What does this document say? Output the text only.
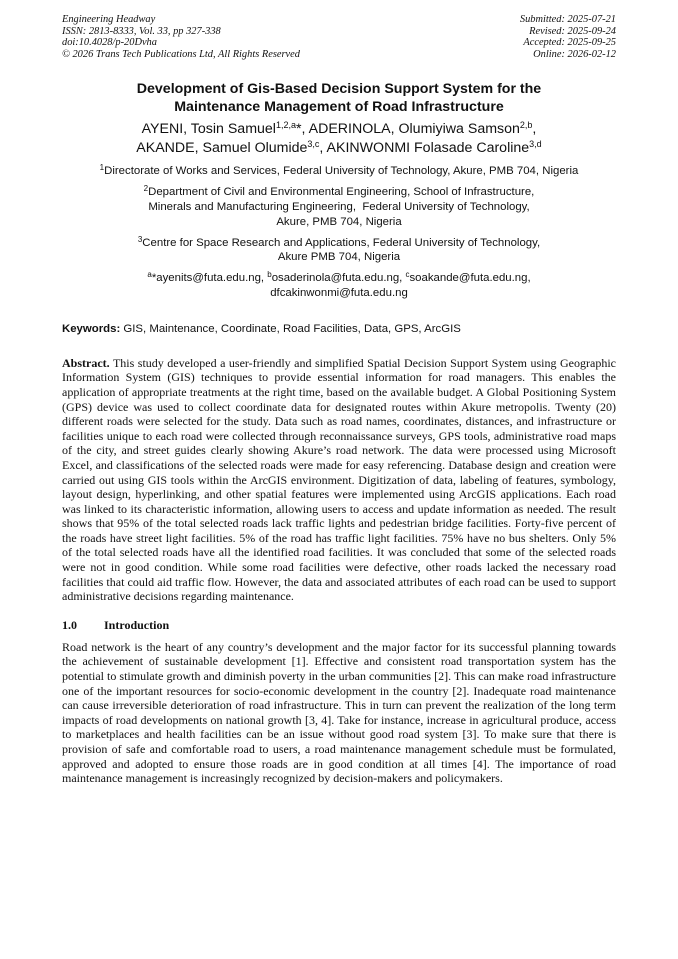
Engineering Headway
ISSN: 2813-8333, Vol. 33, pp 327-338
doi:10.4028/p-20Dvha
© 2026 Trans Tech Publications Ltd, All Rights Reserved
Submitted: 2025-07-21
Revised: 2025-09-24
Accepted: 2025-09-25
Online: 2026-02-12
Development of Gis-Based Decision Support System for the
Maintenance Management of Road Infrastructure
AYENI, Tosin Samuel$^{1,2,a}$*, ADERINOLA, Olumiyiwa Samson$^{2,b}$,
AKANDE, Samuel Olumide$^{3,c}$, AKINWONMI Folasade Caroline$^{3,d}$
$^1$Directorate of Works and Services, Federal University of Technology, Akure, PMB 704, Nigeria
$^2$Department of Civil and Environmental Engineering, School of Infrastructure,
Minerals and Manufacturing Engineering,  Federal University of Technology,
Akure, PMB 704, Nigeria
$^3$Centre for Space Research and Applications, Federal University of Technology,
Akure PMB 704, Nigeria
$^a$*ayenits@futa.edu.ng, $^b$osaderinola@futa.edu.ng, $^c$soakande@futa.edu.ng,
dfcakinwonmi@futa.edu.ng
Keywords: GIS, Maintenance, Coordinate, Road Facilities, Data, GPS, ArcGIS
Abstract. This study developed a user-friendly and simplified Spatial Decision Support System using Geographic Information System (GIS) techniques to provide essential information for road managers. This enables the application of appropriate treatments at the right time, based on the available budget. A Global Positioning System (GPS) device was used to collect coordinate data for designated routes within Akure metropolis. Twenty (20) different roads were selected for the study. Data such as road names, coordinates, distances, and infrastructure or facilities unique to each road were collected through reconnaissance surveys, GPS tools, administrative road maps of the city, and street guides clearly showing Akure’s road network. The data were processed using Microsoft Excel, and classifications of the selected roads were made for easy referencing. Database design and creation were carried out using GIS tools within the ArcGIS environment. Digitization of data, labeling of features, symbology, layout design, hyperlinking, and other spatial features were implemented using ArcGIS applications. Each road was linked to its characteristic information, allowing users to access and update information as needed. The result shows that 95% of the total selected roads lack traffic lights and pedestrian bridge facilities. Forty-five percent of the roads have street light facilities. 5% of the road has traffic light facilities. 75% have no bus shelters. Only 5% of the total selected roads have all the identified road facilities. It was concluded that some of the selected roads were not in good condition. While some road facilities were defective, other roads lacked the necessary road facilities that could aid traffic flow. However, the data and associated attributes of each road can be used to support administrative decisions regarding maintenance.
1.0	Introduction
Road network is the heart of any country’s development and the major factor for its successful planning towards the achievement of sustainable development [1]. Effective and consistent road transportation system has the potential to stimulate growth and diminish poverty in the urban communities [2]. This can make road infrastructure one of the important resources for socio-economic development in the country [2]. Inadequate road maintenance can cause irreversible deterioration of road infrastructure. This in turn can prevent the realization of the long term impacts of road developments on national growth [3, 4]. Take for instance, increase in agricultural produce, access to marketplaces and health facilities can be an issue without good road system [3]. To make sure that there is provision of safe and comfortable road to users, a road maintenance management schedule must be formulated, approved and adopted to ensure those roads are in good condition at all times [4]. The importance of road maintenance management is increasingly recognized by decision-makers and policymakers.
